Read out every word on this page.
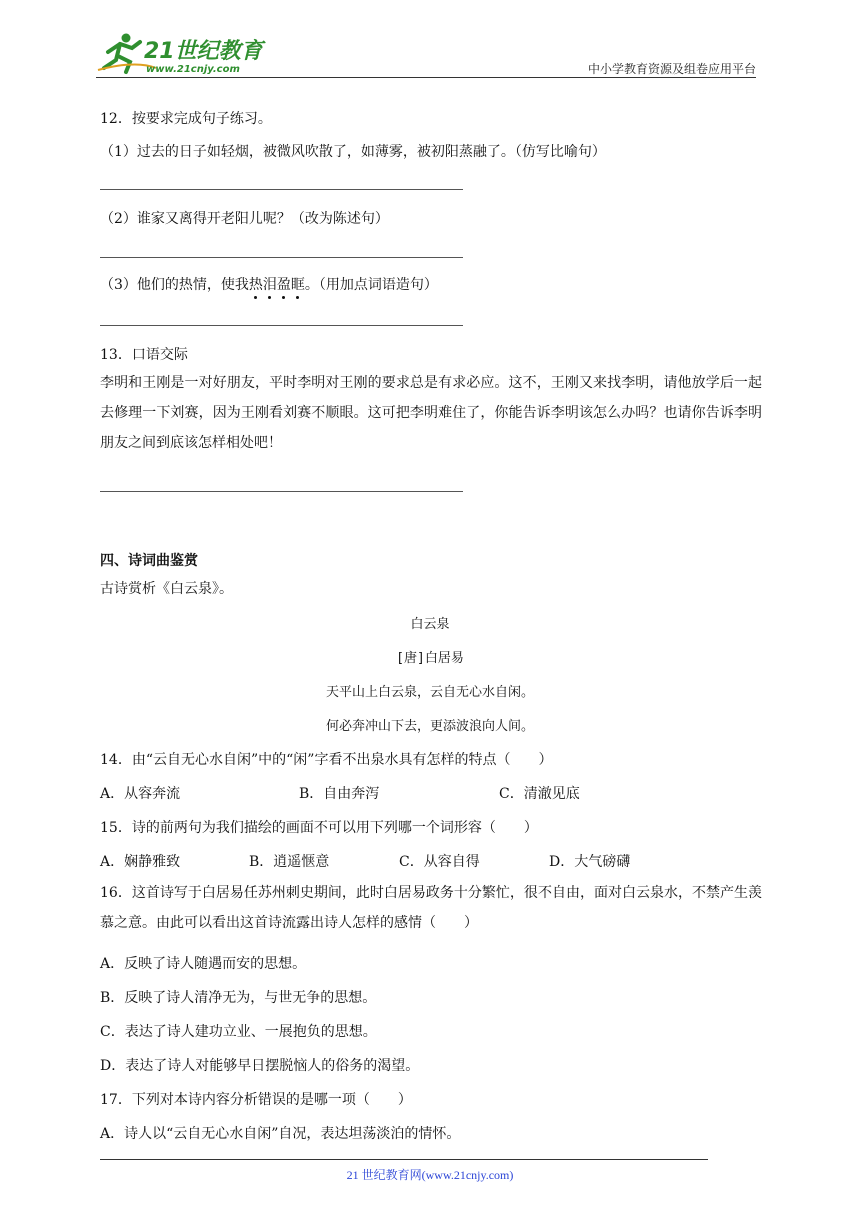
21世纪教育
www.21cnjy.com	中小学教育资源及组卷应用平台
12．按要求完成句子练习。
（1）过去的日子如轻烟，被微风吹散了，如薄雾，被初阳蒸融了。（仿写比喻句）
（2）谁家又离得开老阳儿呢？（改为陈述句）
（3）他们的热情，使我热泪盈眶。（用加点词语造句）
13．口语交际
李明和王刚是一对好朋友，平时李明对王刚的要求总是有求必应。这不，王刚又来找李明，请他放学后一起去修理一下刘赛，因为王刚看刘赛不顺眼。这可把李明难住了，你能告诉李明该怎么办吗？也请你告诉李明朋友之间到底该怎样相处吧！
四、诗词曲鉴赏
古诗赏析《白云泉》。
白云泉
[唐]白居易
天平山上白云泉，云自无心水自闲。
何必奔冲山下去，更添波浪向人间。
14．由“云自无心水自闲”中的“闲”字看不出泉水具有怎样的特点（　　）
A．从容奔流	B．自由奔泻	C．清澈见底
15．诗的前两句为我们描绘的画面不可以用下列哪一个词形容（　　）
A．娴静雅致	B．逍遥惬意	C．从容自得	D．大气磅礴
16．这首诗写于白居易任苏州刺史期间，此时白居易政务十分繁忙，很不自由，面对白云泉水，不禁产生羡慕之意。由此可以看出这首诗流露出诗人怎样的感情（　　）
A．反映了诗人随遇而安的思想。
B．反映了诗人清净无为，与世无争的思想。
C．表达了诗人建功立业、一展抱负的思想。
D．表达了诗人对能够早日摆脱恼人的俗务的渴望。
17．下列对本诗内容分析错误的是哪一项（　　）
A．诗人以“云自无心水自闲”自况，表达坦荡淡泊的情怀。
21 世纪教育网(www.21cnjy.com)
